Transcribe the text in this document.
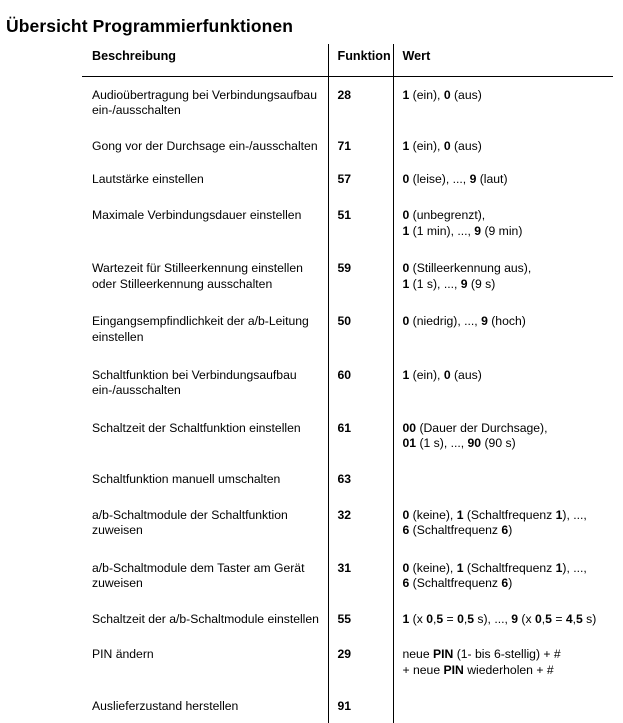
Übersicht Programmierfunktionen
Beschreibung	Funktion	Wert

Audioübertragung bei Verbindungsaufbau
ein-/ausschalten	28	1 (ein), 0 (aus)

Gong vor der Durchsage ein-/ausschalten	71	1 (ein), 0 (aus)

Lautstärke einstellen	57	0 (leise), ..., 9 (laut)

Maximale Verbindungsdauer einstellen	51	0 (unbegrenzt),
1 (1 min), ..., 9 (9 min)

Wartezeit für Stilleerkennung einstellen
oder Stilleerkennung ausschalten
	59	0 (Stilleerkennung aus),
1 (1 s), ..., 9 (9 s)

Eingangsempfindlichkeit der a/b-Leitung
einstellen	50	0 (niedrig), ..., 9 (hoch)

Schaltfunktion bei Verbindungsaufbau
ein-/ausschalten	60	1 (ein), 0 (aus)

Schaltzeit der Schaltfunktion einstellen	61	00 (Dauer der Durchsage),
01 (1 s), ..., 90 (90 s)

Schaltfunktion manuell umschalten	63	

a/b-Schaltmodule der Schaltfunktion
zuweisen
	32	0 (keine), 1 (Schaltfrequenz 1), ...,
6 (Schaltfrequenz 6)

a/b-Schaltmodule dem Taster am Gerät
zuweisen
	31	0 (keine), 1 (Schaltfrequenz 1), ...,
6 (Schaltfrequenz 6)

Schaltzeit der a/b-Schaltmodule einstellen	55	1 (x 0,5 = 0,5 s), ..., 9 (x 0,5 = 4,5 s)

PIN ändern	29	neue PIN (1- bis 6-stellig) + #
+ neue PIN wiederholen + #

Auslieferzustand herstellen	91	
